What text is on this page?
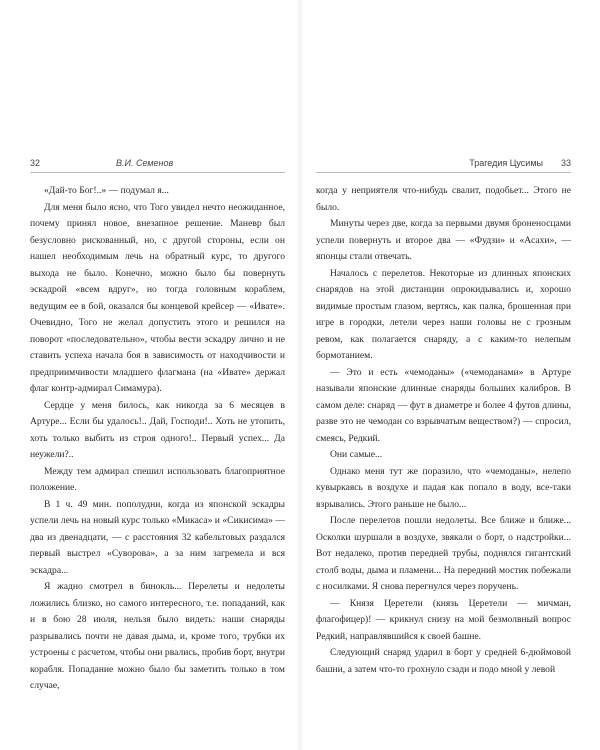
32	В.И. Семенов

«Дай-то Бог!..» — подумал я...

Для меня было ясно, что Того увидел нечто неожиданное, почему принял новое, внезапное решение. Маневр был безусловно рискованный, но, с другой стороны, если он нашел необходимым лечь на обратный курс, то другого выхода не было. Конечно, можно было бы повернуть эскадрой «всем вдруг», но тогда головным кораблем, ведущим ее в бой, оказался бы концевой крейсер — «Ивате». Очевидно, Того не желал допустить этого и решился на поворот «последовательно», чтобы вести эскадру лично и не ставить успеха начала боя в зависимость от находчивости и предприимчивости младшего флагмана (на «Ивате» держал флаг контр-адмирал Симамура).

Сердце у меня билось, как никогда за 6 месяцев в Артуре... Если бы удалось!.. Дай, Господи!.. Хоть не утопить, хоть только выбить из строя одного!.. Первый успех... Да неужели?..

Между тем адмирал спешил использовать благоприятное положение.

В 1 ч. 49 мин. пополудни, когда из японской эскадры успели лечь на новый курс только «Микаса» и «Сикисима» — два из двенадцати, — с расстояния 32 кабельтовых раздался первый выстрел «Суворова», а за ним загремела и вся эскадра...

Я жадно смотрел в бинокль... Перелеты и недолеты ложились близко, но самого интересного, т.е. попаданий, как и в бою 28 июля, нельзя было видеть: наши снаряды разрывались почти не давая дыма, и, кроме того, трубки их устроены с расчетом, чтобы они рвались, пробив борт, внутри корабля. Попадание можно было бы заметить только в том случае,

Трагедия Цусимы 33

когда у неприятеля что-нибудь свалит, подобьет... Этого не было.

Минуты через две, когда за первыми двумя броненосцами успели повернуть и второе два — «Фудзи» и «Асахи», — японцы стали отвечать.

Началось с перелетов. Некоторые из длинных японских снарядов на этой дистанции опрокидывались и, хорошо видимые простым глазом, вертясь, как палка, брошенная при игре в городки, летели через наши головы не с грозным ревом, как полагается снаряду, а с каким-то нелепым бормотанием.

— Это и есть «чемоданы» («чемоданами» в Артуре называли японские длинные снаряды больших калибров. В самом деле: снаряд — фут в диаметре и более 4 футов длины, разве это не чемодан со взрывчатым веществом?) — спросил, смеясь, Редкий.

Они самые...

Однако меня тут же поразило, что «чемоданы», нелепо кувыркаясь в воздухе и падая как попало в воду, все-таки взрывались. Этого раньше не было...

После перелетов пошли недолеты. Все ближе и ближе... Осколки шуршали в воздухе, звякали о борт, о надстройки... Вот недалеко, против передней трубы, поднялся гигантский столб воды, дыма и пламени... На передний мостик побежали с носилками. Я снова перегнулся через поручень.

— Князя Церетели (князь Церетели — мичман, флагофицер)! — крикнул снизу на мой безмолвный вопрос Редкий, направлявшийся к своей башне.

Следующий снаряд ударил в борт у средней 6-дюймовой башни, а затем что-то грохнуло сзади и подо мной у левой
